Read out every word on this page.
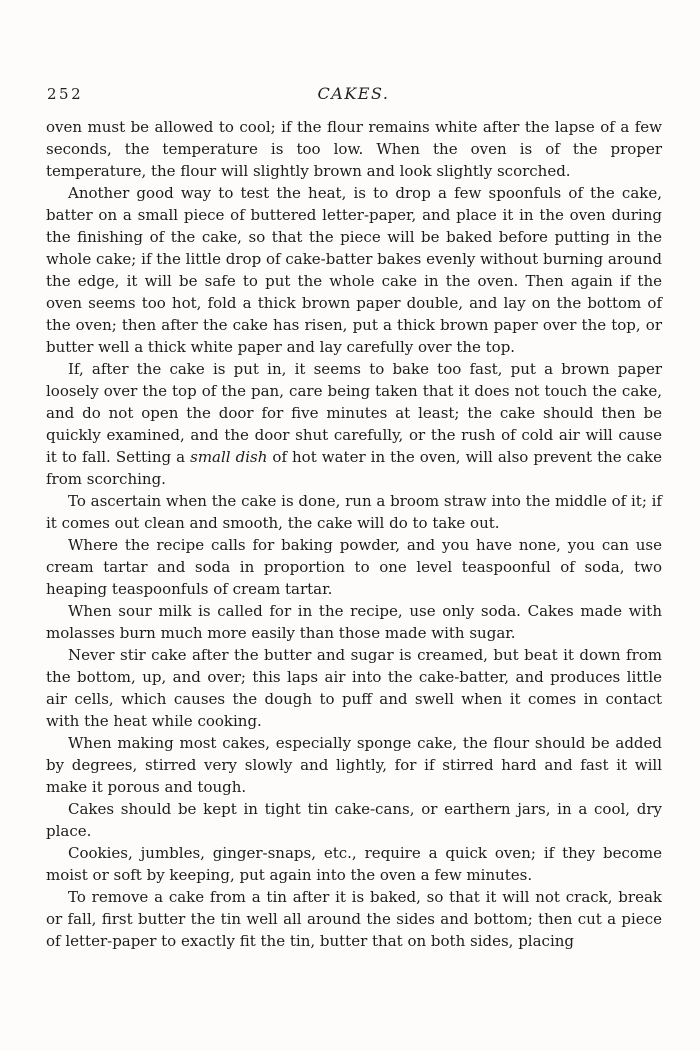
252	CAKES.

oven must be allowed to cool; if the flour remains white after the lapse of a few seconds, the temperature is too low. When the oven is of the proper temperature, the flour will slightly brown and look slightly scorched.

Another good way to test the heat, is to drop a few spoonfuls of the cake, batter on a small piece of buttered letter-paper, and place it in the oven during the finishing of the cake, so that the piece will be baked before putting in the whole cake; if the little drop of cake-batter bakes evenly without burning around the edge, it will be safe to put the whole cake in the oven. Then again if the oven seems too hot, fold a thick brown paper double, and lay on the bottom of the oven; then after the cake has risen, put a thick brown paper over the top, or butter well a thick white paper and lay carefully over the top.

If, after the cake is put in, it seems to bake too fast, put a brown paper loosely over the top of the pan, care being taken that it does not touch the cake, and do not open the door for five minutes at least; the cake should then be quickly examined, and the door shut carefully, or the rush of cold air will cause it to fall. Setting a small dish of hot water in the oven, will also prevent the cake from scorching.

To ascertain when the cake is done, run a broom straw into the middle of it; if it comes out clean and smooth, the cake will do to take out.

Where the recipe calls for baking powder, and you have none, you can use cream tartar and soda in proportion to one level teaspoonful of soda, two heaping teaspoonfuls of cream tartar.

When sour milk is called for in the recipe, use only soda. Cakes made with molasses burn much more easily than those made with sugar.

Never stir cake after the butter and sugar is creamed, but beat it down from the bottom, up, and over; this laps air into the cake-batter, and produces little air cells, which causes the dough to puff and swell when it comes in contact with the heat while cooking.

When making most cakes, especially sponge cake, the flour should be added by degrees, stirred very slowly and lightly, for if stirred hard and fast it will make it porous and tough.

Cakes should be kept in tight tin cake-cans, or earthern jars, in a cool, dry place.

Cookies, jumbles, ginger-snaps, etc., require a quick oven; if they become moist or soft by keeping, put again into the oven a few minutes.

To remove a cake from a tin after it is baked, so that it will not crack, break or fall, first butter the tin well all around the sides and bottom; then cut a piece of letter-paper to exactly fit the tin, butter that on both sides, placing
